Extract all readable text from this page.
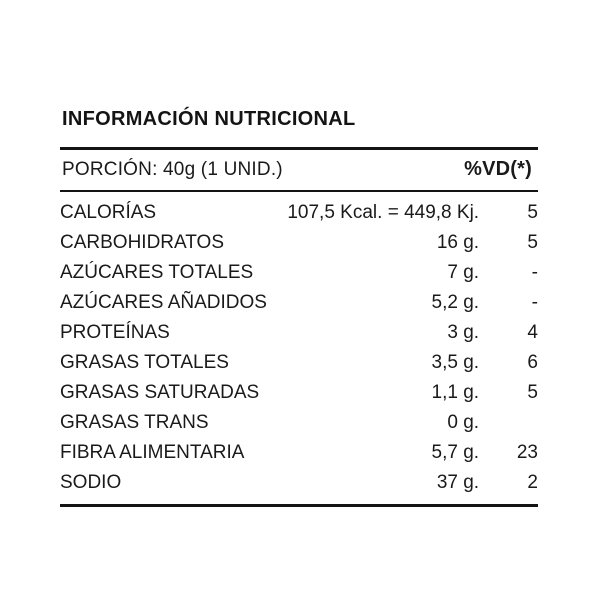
INFORMACIÓN NUTRICIONAL
PORCIÓN: 40g (1 UNID.)	%VD(*)
CALORÍAS	107,5 Kcal. = 449,8 Kj.	5
CARBOHIDRATOS	16 g.	5
AZÚCARES TOTALES	7 g.	-
AZÚCARES AÑADIDOS	5,2 g.	-
PROTEÍNAS	3 g.	4
GRASAS TOTALES	3,5 g.	6
GRASAS SATURADAS	1,1 g.	5
GRASAS TRANS	0 g.	
FIBRA ALIMENTARIA	5,7 g.	23
SODIO	37 g.	2
